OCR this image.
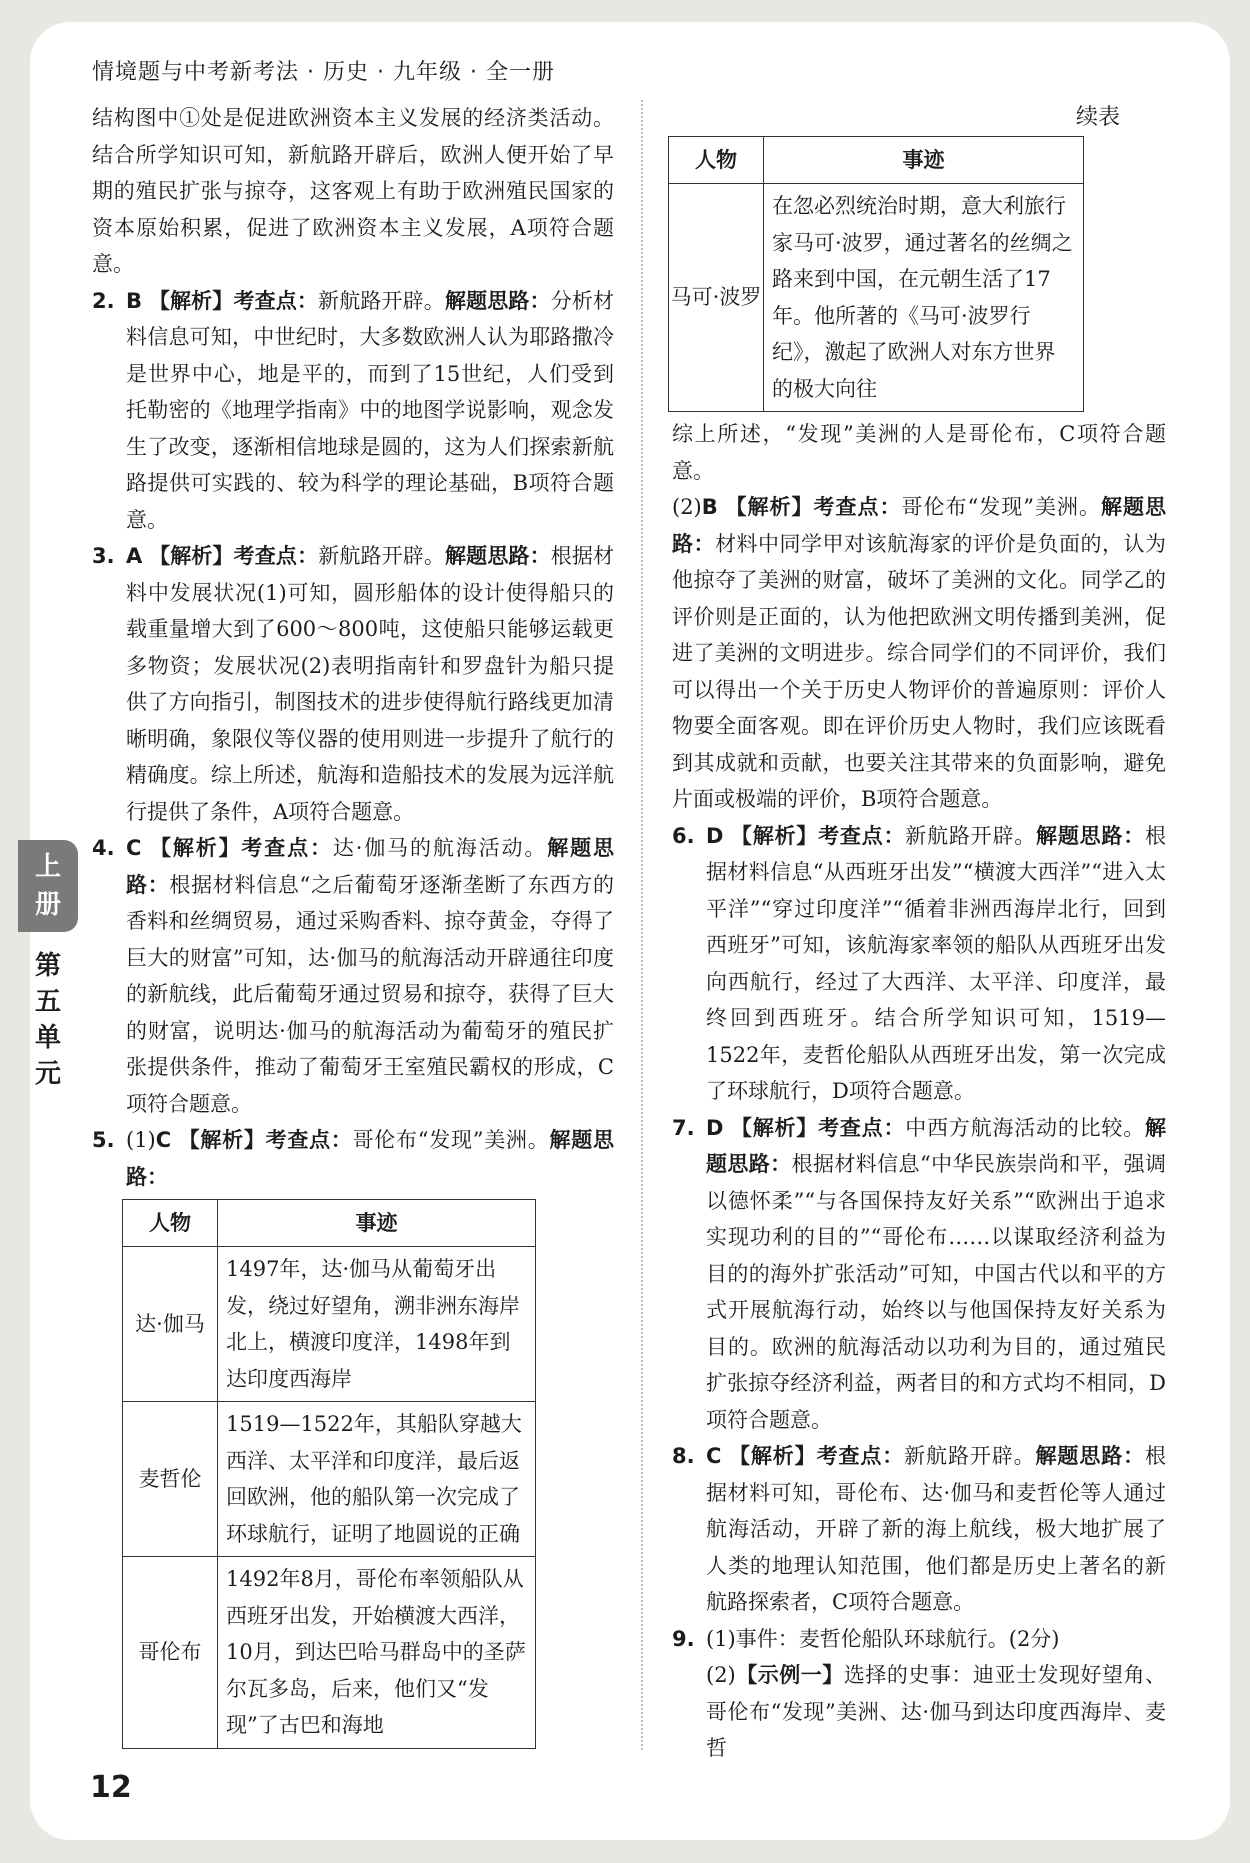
情境题与中考新考法 · 历史 · 九年级 · 全一册
上
册
第
五
单
元

结构图中①处是促进欧洲资本主义发展的经济类活动。结合所学知识可知，新航路开辟后，欧洲人便开始了早期的殖民扩张与掠夺，这客观上有助于欧洲殖民国家的资本原始积累，促进了欧洲资本主义发展，A项符合题意。

2. B 【解析】考查点：新航路开辟。解题思路：分析材料信息可知，中世纪时，大多数欧洲人认为耶路撒冷是世界中心，地是平的，而到了15世纪，人们受到托勒密的《地理学指南》中的地图学说影响，观念发生了改变，逐渐相信地球是圆的，这为人们探索新航路提供可实践的、较为科学的理论基础，B项符合题意。

3. A 【解析】考查点：新航路开辟。解题思路：根据材料中发展状况(1)可知，圆形船体的设计使得船只的载重量增大到了600～800吨，这使船只能够运载更多物资；发展状况(2)表明指南针和罗盘针为船只提供了方向指引，制图技术的进步使得航行路线更加清晰明确，象限仪等仪器的使用则进一步提升了航行的精确度。综上所述，航海和造船技术的发展为远洋航行提供了条件，A项符合题意。

4. C 【解析】考查点：达·伽马的航海活动。解题思路：根据材料信息“之后葡萄牙逐渐垄断了东西方的香料和丝绸贸易，通过采购香料、掠夺黄金，夺得了巨大的财富”可知，达·伽马的航海活动开辟通往印度的新航线，此后葡萄牙通过贸易和掠夺，获得了巨大的财富，说明达·伽马的航海活动为葡萄牙的殖民扩张提供条件，推动了葡萄牙王室殖民霸权的形成，C项符合题意。

5. (1)C 【解析】考查点：哥伦布“发现”美洲。解题思路：

人物	事迹
达·伽马	1497年，达·伽马从葡萄牙出发，绕过好望角，溯非洲东海岸北上，横渡印度洋，1498年到达印度西海岸
麦哲伦	1519—1522年，其船队穿越大西洋、太平洋和印度洋，最后返回欧洲，他的船队第一次完成了环球航行，证明了地圆说的正确
哥伦布	1492年8月，哥伦布率领船队从西班牙出发，开始横渡大西洋，10月，到达巴哈马群岛中的圣萨尔瓦多岛，后来，他们又“发现”了古巴和海地
续表
人物	事迹
马可·波罗	在忽必烈统治时期，意大利旅行家马可·波罗，通过著名的丝绸之路来到中国，在元朝生活了17年。他所著的《马可·波罗行纪》，激起了欧洲人对东方世界的极大向往

综上所述，“发现”美洲的人是哥伦布，C项符合题意。

(2)B 【解析】考查点：哥伦布“发现”美洲。解题思路：材料中同学甲对该航海家的评价是负面的，认为他掠夺了美洲的财富，破坏了美洲的文化。同学乙的评价则是正面的，认为他把欧洲文明传播到美洲，促进了美洲的文明进步。综合同学们的不同评价，我们可以得出一个关于历史人物评价的普遍原则：评价人物要全面客观。即在评价历史人物时，我们应该既看到其成就和贡献，也要关注其带来的负面影响，避免片面或极端的评价，B项符合题意。

6. D 【解析】考查点：新航路开辟。解题思路：根据材料信息“从西班牙出发”“横渡大西洋”“进入太平洋”“穿过印度洋”“循着非洲西海岸北行，回到西班牙”可知，该航海家率领的船队从西班牙出发向西航行，经过了大西洋、太平洋、印度洋，最终回到西班牙。结合所学知识可知，1519—1522年，麦哲伦船队从西班牙出发，第一次完成了环球航行，D项符合题意。

7. D 【解析】考查点：中西方航海活动的比较。解题思路：根据材料信息“中华民族崇尚和平，强调以德怀柔”“与各国保持友好关系”“欧洲出于追求实现功利的目的”“哥伦布……以谋取经济利益为目的的海外扩张活动”可知，中国古代以和平的方式开展航海行动，始终以与他国保持友好关系为目的。欧洲的航海活动以功利为目的，通过殖民扩张掠夺经济利益，两者目的和方式均不相同，D项符合题意。

8. C 【解析】考查点：新航路开辟。解题思路：根据材料可知，哥伦布、达·伽马和麦哲伦等人通过航海活动，开辟了新的海上航线，极大地扩展了人类的地理认知范围，他们都是历史上著名的新航路探索者，C项符合题意。

9. (1)事件：麦哲伦船队环球航行。(2分)

(2)【示例一】选择的史事：迪亚士发现好望角、哥伦布“发现”美洲、达·伽马到达印度西海岸、麦哲

12
